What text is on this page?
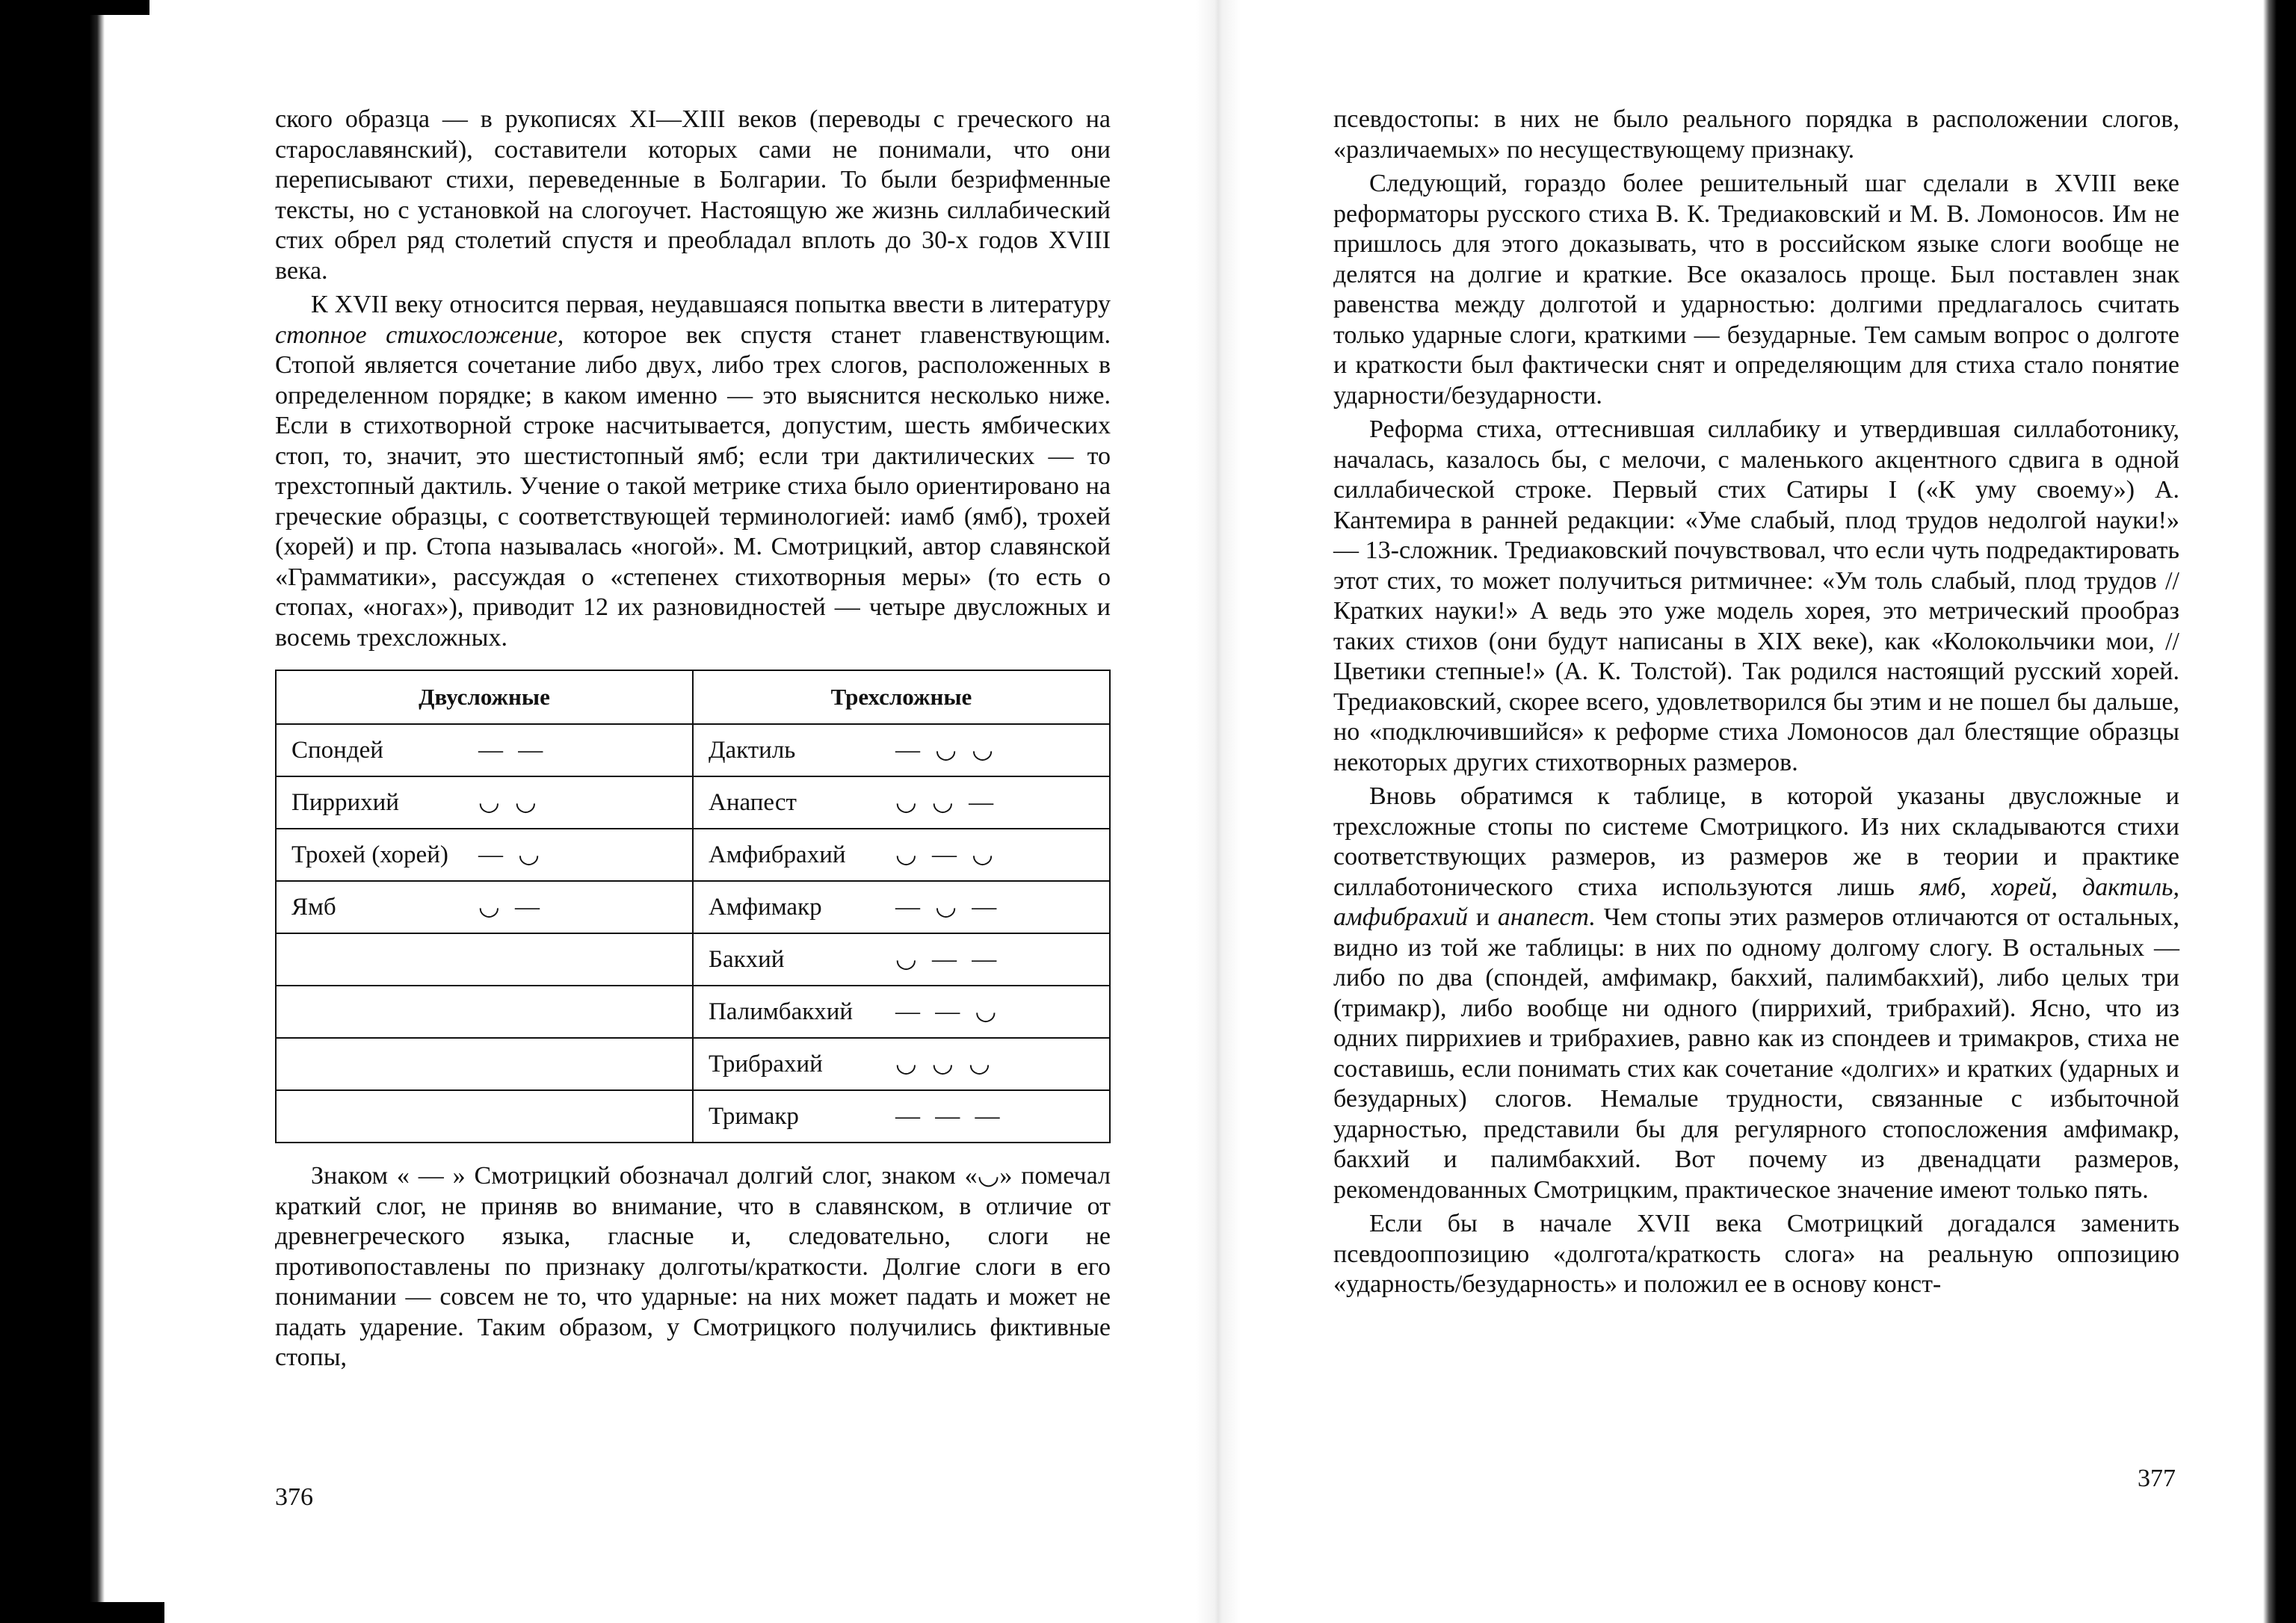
ского образца — в рукописях XI—XIII веков (переводы с греческого на старославянский), составители которых сами не понимали, что они переписывают стихи, переведенные в Болгарии. То были безрифменные тексты, но с установкой на слогоучет. Настоящую же жизнь силлабический стих обрел ряд столетий спустя и преобладал вплоть до 30-х годов XVIII века.

К XVII веку относится первая, неудавшаяся попытка ввести в литературу стопное стихосложение, которое век спустя станет главенствующим. Стопой является сочетание либо двух, либо трех слогов, расположенных в определенном порядке; в каком именно — это выяснится несколько ниже. Если в стихотворной строке насчитывается, допустим, шесть ямбических стоп, то, значит, это шестистопный ямб; если три дактилических — то трехстопный дактиль. Учение о такой метрике стиха было ориентировано на греческие образцы, с соответствующей терминологией: иамб (ямб), трохей (хорей) и пр. Стопа называлась «ногой». М. Смотрицкий, автор славянской «Грамматики», рассуждая о «степенех стихотворныя меры» (то есть о стопах, «ногах»), приводит 12 их разновидностей — четыре двусложных и восемь трехсложных.

Двусложные	Трехсложные
Спондей — —	Дактиль — ◡ ◡
Пиррихий ◡ ◡	Анапест ◡ ◡ —
Трохей (хорей) — ◡	Амфибрахий ◡ — ◡
Ямб ◡ —	Амфимакр — ◡ —
	Бакхий ◡ — —
	Палимбакхий — — ◡
	Трибрахий ◡ ◡ ◡
	Тримакр — — —

Знаком « — » Смотрицкий обозначал долгий слог, знаком «◡» помечал краткий слог, не приняв во внимание, что в славянском, в отличие от древнегреческого языка, гласные и, следовательно, слоги не противопоставлены по признаку долготы/краткости. Долгие слоги в его понимании — совсем не то, что ударные: на них может падать и может не падать ударение. Таким образом, у Смотрицкого получились фиктивные стопы,

376

псевдостопы: в них не было реального порядка в расположении слогов, «различаемых» по несуществующему признаку.

Следующий, гораздо более решительный шаг сделали в XVIII веке реформаторы русского стиха В. К. Тредиаковский и М. В. Ломоносов. Им не пришлось для этого доказывать, что в российском языке слоги вообще не делятся на долгие и краткие. Все оказалось проще. Был поставлен знак равенства между долготой и ударностью: долгими предлагалось считать только ударные слоги, краткими — безударные. Тем самым вопрос о долготе и краткости был фактически снят и определяющим для стиха стало понятие ударности/безударности.

Реформа стиха, оттеснившая силлабику и утвердившая силлаботонику, началась, казалось бы, с мелочи, с маленького акцентного сдвига в одной силлабической строке. Первый стих Сатиры I («К уму своему») А. Кантемира в ранней редакции: «Уме слабый, плод трудов недолгой науки!» — 13-сложник. Тредиаковский почувствовал, что если чуть подредактировать этот стих, то может получиться ритмичнее: «Ум толь слабый, плод трудов // Кратких науки!» А ведь это уже модель хорея, это метрический прообраз таких стихов (они будут написаны в XIX веке), как «Колокольчики мои, // Цветики степные!» (А. К. Толстой). Так родился настоящий русский хорей. Тредиаковский, скорее всего, удовлетворился бы этим и не пошел бы дальше, но «подключившийся» к реформе стиха Ломоносов дал блестящие образцы некоторых других стихотворных размеров.

Вновь обратимся к таблице, в которой указаны двусложные и трехсложные стопы по системе Смотрицкого. Из них складываются стихи соответствующих размеров, из размеров же в теории и практике силлаботонического стиха используются лишь ямб, хорей, дактиль, амфибрахий и анапест. Чем стопы этих размеров отличаются от остальных, видно из той же таблицы: в них по одному долгому слогу. В остальных — либо по два (спондей, амфимакр, бакхий, палимбакхий), либо целых три (тримакр), либо вообще ни одного (пиррихий, трибрахий). Ясно, что из одних пиррихиев и трибрахиев, равно как из спондеев и тримакров, стиха не составишь, если понимать стих как сочетание «долгих» и кратких (ударных и безударных) слогов. Немалые трудности, связанные с избыточной ударностью, представили бы для регулярного стопосложения амфимакр, бакхий и палимбакхий. Вот почему из двенадцати размеров, рекомендованных Смотрицким, практическое значение имеют только пять.

Если бы в начале XVII века Смотрицкий догадался заменить псевдооппозицию «долгота/краткость слога» на реальную оппозицию «ударность/безударность» и положил ее в основу конст-

377
